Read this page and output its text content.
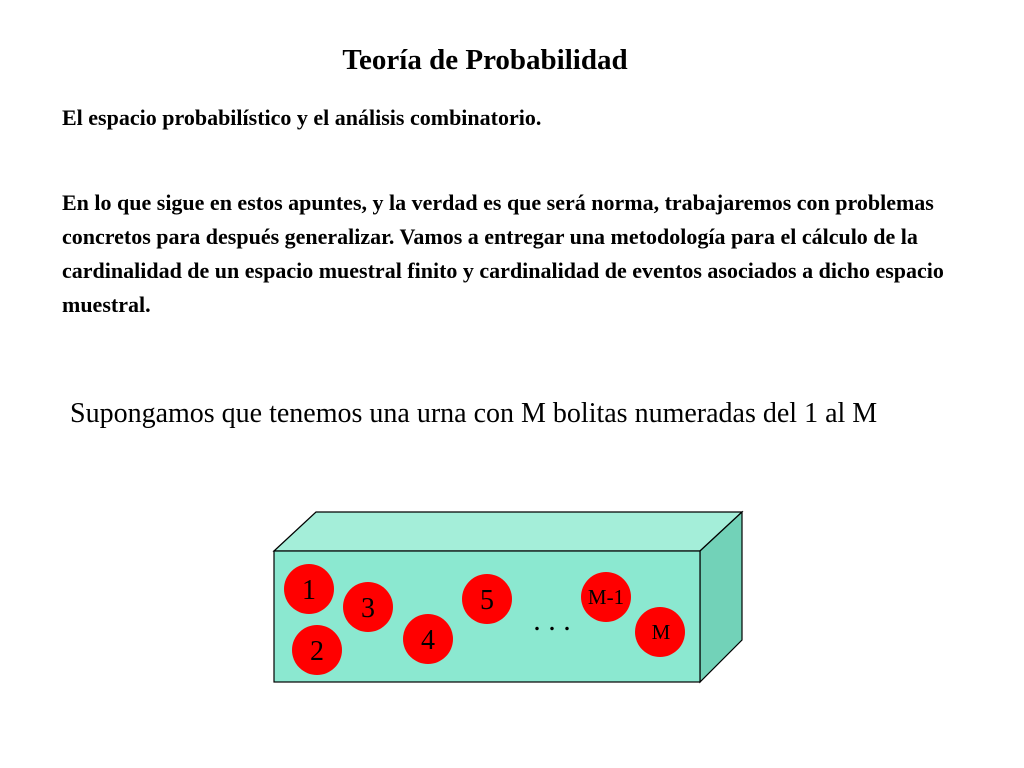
Teoría de Probabilidad
El espacio probabilístico y el análisis combinatorio.
En lo que sigue en estos apuntes, y la verdad es que será norma, trabajaremos con problemas concretos para después generalizar. Vamos a entregar una metodología para el cálculo de la cardinalidad de un espacio muestral finito y cardinalidad de eventos asociados a dicho espacio muestral.
Supongamos que tenemos una urna con M bolitas numeradas del 1 al M
1
2
3
4
5	M-1
M
. . .
